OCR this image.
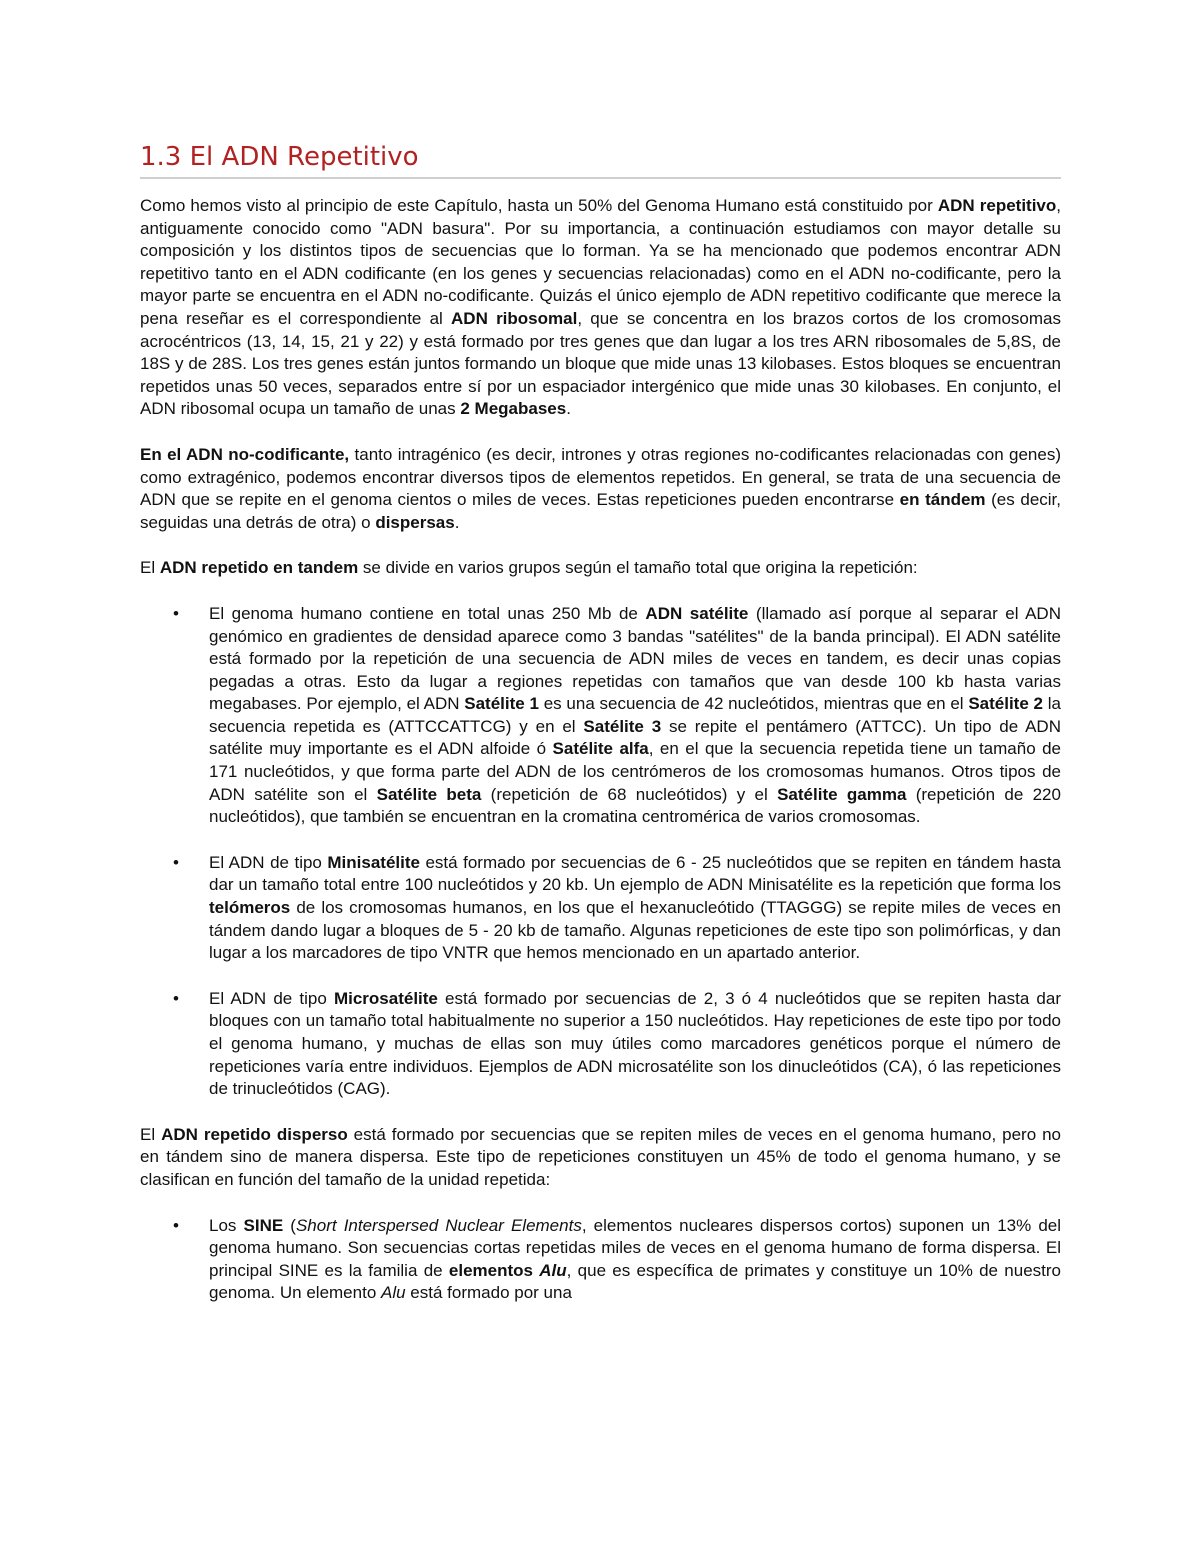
1.3 El ADN Repetitivo

Como hemos visto al principio de este Capítulo, hasta un 50% del Genoma Humano está constituido por ADN repetitivo, antiguamente conocido como "ADN basura". Por su importancia, a continuación estudiamos con mayor detalle su composición y los distintos tipos de secuencias que lo forman. Ya se ha mencionado que podemos encontrar ADN repetitivo tanto en el ADN codificante (en los genes y secuencias relacionadas) como en el ADN no-codificante, pero la mayor parte se encuentra en el ADN no-codificante. Quizás el único ejemplo de ADN repetitivo codificante que merece la pena reseñar es el correspondiente al ADN ribosomal, que se concentra en los brazos cortos de los cromosomas acrocéntricos (13, 14, 15, 21 y 22) y está formado por tres genes que dan lugar a los tres ARN ribosomales de 5,8S, de 18S y de 28S. Los tres genes están juntos formando un bloque que mide unas 13 kilobases. Estos bloques se encuentran repetidos unas 50 veces, separados entre sí por un espaciador intergénico que mide unas 30 kilobases. En conjunto, el ADN ribosomal ocupa un tamaño de unas 2 Megabases.

En el ADN no-codificante, tanto intragénico (es decir, intrones y otras regiones no-codificantes relacionadas con genes) como extragénico, podemos encontrar diversos tipos de elementos repetidos. En general, se trata de una secuencia de ADN que se repite en el genoma cientos o miles de veces. Estas repeticiones pueden encontrarse en tándem (es decir, seguidas una detrás de otra) o dispersas.

El ADN repetido en tandem se divide en varios grupos según el tamaño total que origina la repetición:

• El genoma humano contiene en total unas 250 Mb de ADN satélite (llamado así porque al separar el ADN genómico en gradientes de densidad aparece como 3 bandas "satélites" de la banda principal). El ADN satélite está formado por la repetición de una secuencia de ADN miles de veces en tandem, es decir unas copias pegadas a otras. Esto da lugar a regiones repetidas con tamaños que van desde 100 kb hasta varias megabases. Por ejemplo, el ADN Satélite 1 es una secuencia de 42 nucleótidos, mientras que en el Satélite 2 la secuencia repetida es (ATTCCATTCG) y en el Satélite 3 se repite el pentámero (ATTCC). Un tipo de ADN satélite muy importante es el ADN alfoide ó Satélite alfa, en el que la secuencia repetida tiene un tamaño de 171 nucleótidos, y que forma parte del ADN de los centrómeros de los cromosomas humanos. Otros tipos de ADN satélite son el Satélite beta (repetición de 68 nucleótidos) y el Satélite gamma (repetición de 220 nucleótidos), que también se encuentran en la cromatina centromérica de varios cromosomas.
• El ADN de tipo Minisatélite está formado por secuencias de 6 - 25 nucleótidos que se repiten en tándem hasta dar un tamaño total entre 100 nucleótidos y 20 kb. Un ejemplo de ADN Minisatélite es la repetición que forma los telómeros de los cromosomas humanos, en los que el hexanucleótido (TTAGGG) se repite miles de veces en tándem dando lugar a bloques de 5 - 20 kb de tamaño. Algunas repeticiones de este tipo son polimórficas, y dan lugar a los marcadores de tipo VNTR que hemos mencionado en un apartado anterior.
• El ADN de tipo Microsatélite está formado por secuencias de 2, 3 ó 4 nucleótidos que se repiten hasta dar bloques con un tamaño total habitualmente no superior a 150 nucleótidos. Hay repeticiones de este tipo por todo el genoma humano, y muchas de ellas son muy útiles como marcadores genéticos porque el número de repeticiones varía entre individuos. Ejemplos de ADN microsatélite son los dinucleótidos (CA), ó las repeticiones de trinucleótidos (CAG).

El ADN repetido disperso está formado por secuencias que se repiten miles de veces en el genoma humano, pero no en tándem sino de manera dispersa. Este tipo de repeticiones constituyen un 45% de todo el genoma humano, y se clasifican en función del tamaño de la unidad repetida:

• Los SINE (Short Interspersed Nuclear Elements, elementos nucleares dispersos cortos) suponen un 13% del genoma humano. Son secuencias cortas repetidas miles de veces en el genoma humano de forma dispersa. El principal SINE es la familia de elementos Alu, que es específica de primates y constituye un 10% de nuestro genoma. Un elemento Alu está formado por una
